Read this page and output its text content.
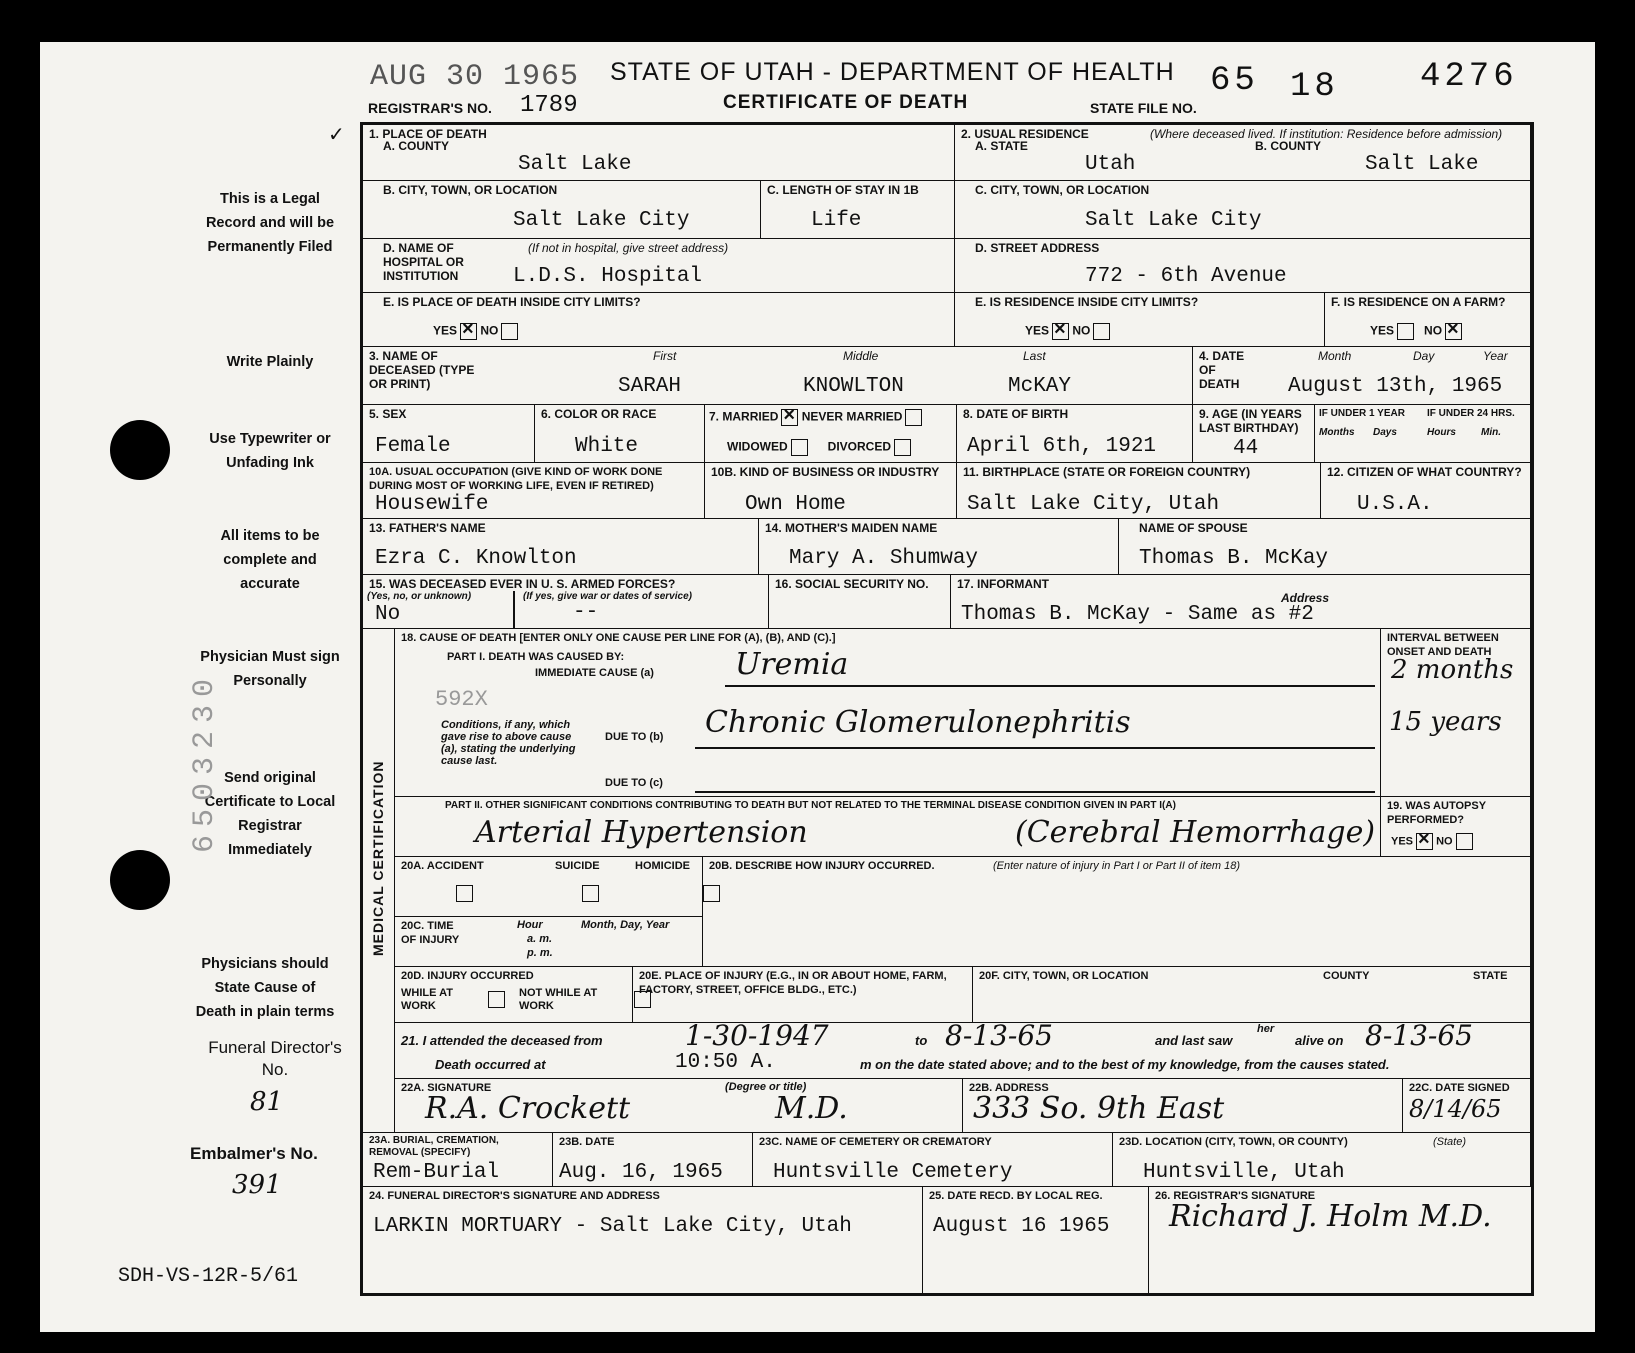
AUG 30 1965 STATE OF UTAH - DEPARTMENT OF HEALTH
REGISTRAR'S NO. 1789	CERTIFICATE OF DEATH	STATE FILE NO.
65 18 4276
✓
This is a Legal Record and will be Permanently Filed
Write Plainly
Use Typewriter or Unfading Ink
All items to be complete and accurate
Physician Must sign Personally
Send original Certificate to Local Registrar Immediately
Physicians should State Cause of Death in plain terms
Funeral Director's No.
81
Embalmer's No.
391
6503230
SDH-VS-12R-5/61
1. PLACE OF DEATH
A. COUNTY
Salt Lake
B. CITY, TOWN, OR LOCATION
Salt Lake City
C. LENGTH OF STAY IN 1B
Life
D. NAME OF HOSPITAL OR INSTITUTION
(If not in hospital, give street address)
L.D.S. Hospital
E. IS PLACE OF DEATH INSIDE CITY LIMITS?
YES × NO
2. USUAL RESIDENCE	(Where deceased lived. If institution: Residence before admission)
A. STATE	B. COUNTY
Utah	Salt Lake
C. CITY, TOWN, OR LOCATION
Salt Lake City
D. STREET ADDRESS
772 - 6th Avenue
E. IS RESIDENCE INSIDE CITY LIMITS?
YES × NO
F. IS RESIDENCE ON A FARM?
YES	NO×
3. NAME OF DECEASED (TYPE OR PRINT)
First	Middle	Last
SARAH	KNOWLTON	McKAY
4. DATE OF DEATH
Month	Day	Year
August 13th, 1965
5. SEX
Female
6. COLOR OR RACE
White
7. MARRIED × NEVER MARRIED
WIDOWED	DIVORCED
8. DATE OF BIRTH
April 6th, 1921
9. AGE (IN YEARS LAST BIRTHDAY)
44
IF UNDER 1 YEAR IF UNDER 24 HRS.
Months Days	Hours	Min.
10A. USUAL OCCUPATION (GIVE KIND OF WORK DONE DURING MOST OF WORKING LIFE, EVEN IF RETIRED)
Housewife
10B. KIND OF BUSINESS OR INDUSTRY
Own Home
11. BIRTHPLACE (STATE OR FOREIGN COUNTRY)
Salt Lake City, Utah
12. CITIZEN OF WHAT COUNTRY?
U.S.A.
13. FATHER'S NAME
Ezra C. Knowlton
14. MOTHER'S MAIDEN NAME
Mary A. Shumway
NAME OF SPOUSE
Thomas B. McKay
15. WAS DECEASED EVER IN U. S. ARMED FORCES?
(Yes, no, or unknown)	(If yes, give war or dates of service)
No	--
16. SOCIAL SECURITY NO. 17. INFORMANT
Address
Thomas B. McKay - Same as #2
MEDICAL CERTIFICATION
18. CAUSE OF DEATH [ENTER ONLY ONE CAUSE PER LINE FOR (A), (B), AND (C).]
PART I. DEATH WAS CAUSED BY:
IMMEDIATE CAUSE (a)	Uremia
592X
Conditions, if any, which gave rise to above cause (a), stating the underlying cause last.
DUE TO (b) Chronic Glomerulonephritis
DUE TO (c)
INTERVAL BETWEEN ONSET AND DEATH
2 months
15 years
PART II. OTHER SIGNIFICANT CONDITIONS CONTRIBUTING TO DEATH BUT NOT RELATED TO THE TERMINAL DISEASE CONDITION GIVEN IN PART I(A)
Arterial Hypertension	(Cerebral Hemorrhage)
19. WAS AUTOPSY PERFORMED?
YES × NO
20A. ACCIDENT	SUICIDE	HOMICIDE
20B. DESCRIBE HOW INJURY OCCURRED.	(Enter nature of injury in Part I or Part II of item 18)
20C. TIME OF INJURY
Hour
a. m.
p. m.
Month, Day, Year
20D. INJURY OCCURRED
WHILE AT WORK

NOT WHILE AT WORK
20E. PLACE OF INJURY (E.G., IN OR ABOUT HOME, FARM, FACTORY, STREET, OFFICE BLDG., ETC.)
20F. CITY, TOWN, OR LOCATION	COUNTY	STATE
21. I attended the deceased from	1-30-1947	to 8-13-65	and last saw
her
alive on 8-13-65
Death occurred at	10:50 A.	m on the date stated above; and to the best of my knowledge, from the causes stated.
22A. SIGNATURE	(Degree or title)
R.A. Crockett	M.D.
22B. ADDRESS
333 So. 9th East
22C. DATE SIGNED
8/14/65
23A. BURIAL, CREMATION, REMOVAL (SPECIFY)
Rem-Burial
23B. DATE
Aug. 16, 1965
23C. NAME OF CEMETERY OR CREMATORY
Huntsville Cemetery
23D. LOCATION (CITY, TOWN, OR COUNTY)	(State)
Huntsville, Utah
24. FUNERAL DIRECTOR'S SIGNATURE AND ADDRESS
LARKIN MORTUARY - Salt Lake City, Utah
25. DATE RECD. BY LOCAL REG.
August 16 1965
26. REGISTRAR'S SIGNATURE
Richard J. Holm M.D.
